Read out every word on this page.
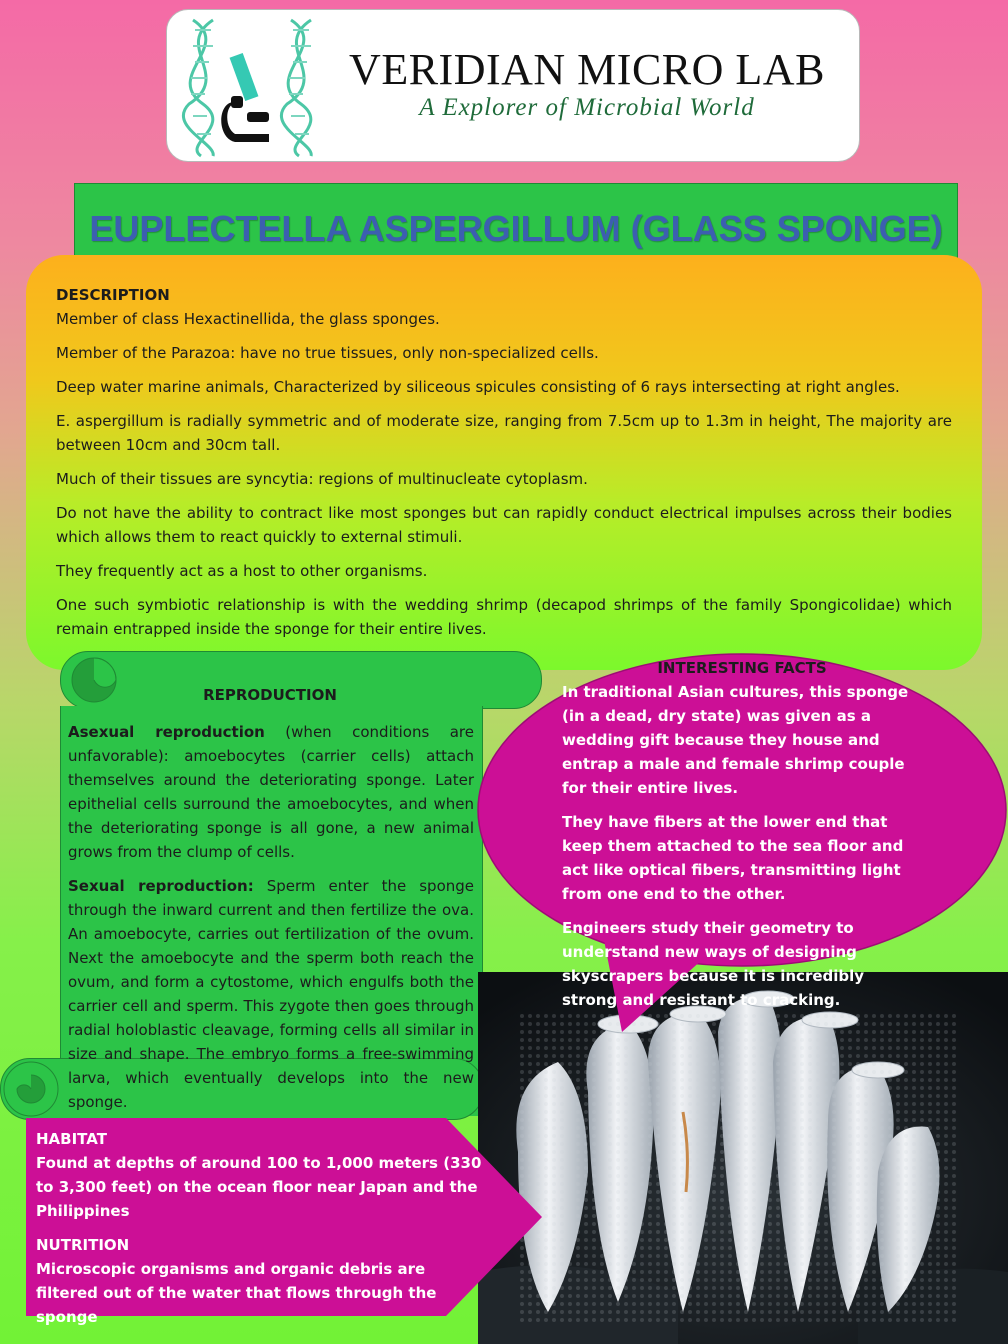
VERIDIAN MICRO LAB
A Explorer of Microbial World
EUPLECTELLA ASPERGILLUM (GLASS SPONGE)

DESCRIPTION

Member of class Hexactinellida, the glass sponges.

Member of the Parazoa: have no true tissues, only non-specialized cells.

Deep water marine animals, Characterized by siliceous spicules consisting of 6 rays intersecting at right angles.

E. aspergillum is radially symmetric and of moderate size, ranging from 7.5cm up to 1.3m in height, The majority are between 10cm and 30cm tall.

Much of their tissues are syncytia: regions of multinucleate cytoplasm.

Do not have the ability to contract like most sponges but can rapidly conduct electrical impulses across their bodies which allows them to react quickly to external stimuli.

They frequently act as a host to other organisms.

One such symbiotic relationship is with the wedding shrimp (decapod shrimps of the family Spongicolidae) which remain entrapped inside the sponge for their entire lives.

REPRODUCTION

Asexual reproduction (when conditions are unfavorable): amoebocytes (carrier cells) attach themselves around the deteriorating sponge. Later epithelial cells surround the amoebocytes, and when the deteriorating sponge is all gone, a new animal grows from the clump of cells.

Sexual reproduction: Sperm enter the sponge through the inward current and then fertilize the ova. An amoebocyte, carries out fertilization of the ovum. Next the amoebocyte and the sperm both reach the ovum, and form a cytostome, which engulfs both the carrier cell and sperm. This zygote then goes through radial holoblastic cleavage, forming cells all similar in size and shape. The embryo forms a free-swimming larva, which eventually develops into the new sponge.

INTERESTING FACTS

In traditional Asian cultures, this sponge (in a dead, dry state) was given as a wedding gift because they house and entrap a male and female shrimp couple for their entire lives.

They have fibers at the lower end that keep them attached to the sea floor and act like optical fibers, transmitting light from one end to the other.

Engineers study their geometry to understand new ways of designing skyscrapers because it is incredibly strong and resistant to cracking.

HABITAT
Found at depths of around 100 to 1,000 meters (330 to 3,300 feet) on the ocean floor near Japan and the Philippines

NUTRITION
Microscopic organisms and organic debris are filtered out of the water that flows through the sponge
